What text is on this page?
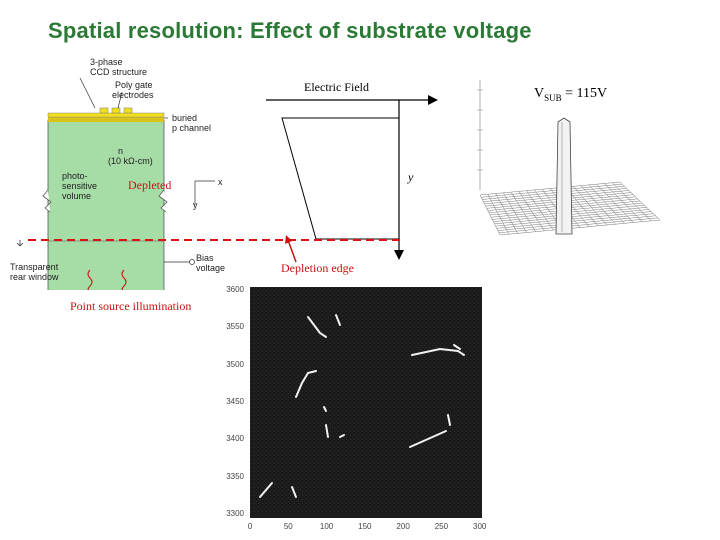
Spatial resolution: Effect of substrate voltage
3-phase
CCD structure
Poly gate
electrodes
buried
p channel
n
(10 kΩ-cm)
photo-
sensitive
volume
x
y
Transparent
rear window
Bias
voltage
Depleted
Electric Field
y
Depletion edge
Point source illumination
$V_{SUB} = 115V$
3600
3550
3500
3450
3400
3350
3300
0	50	100	150	200	250	300
